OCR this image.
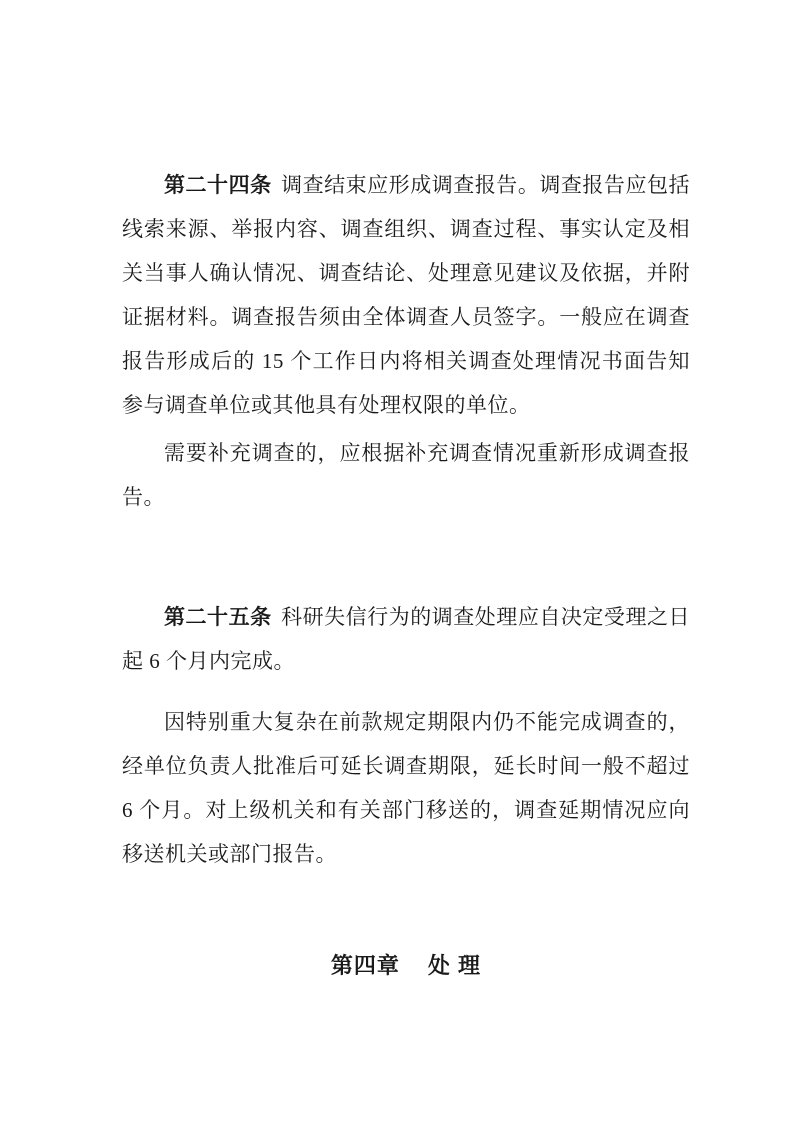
第二十四条 调查结束应形成调查报告。调查报告应包括线索来源、举报内容、调查组织、调查过程、事实认定及相关当事人确认情况、调查结论、处理意见建议及依据，并附证据材料。调查报告须由全体调查人员签字。一般应在调查报告形成后的 15 个工作日内将相关调查处理情况书面告知参与调查单位或其他具有处理权限的单位。

需要补充调查的，应根据补充调查情况重新形成调查报告。

第二十五条 科研失信行为的调查处理应自决定受理之日起 6 个月内完成。

因特别重大复杂在前款规定期限内仍不能完成调查的，经单位负责人批准后可延长调查期限，延长时间一般不超过 6 个月。对上级机关和有关部门移送的，调查延期情况应向移送机关或部门报告。

第四章 处 理
